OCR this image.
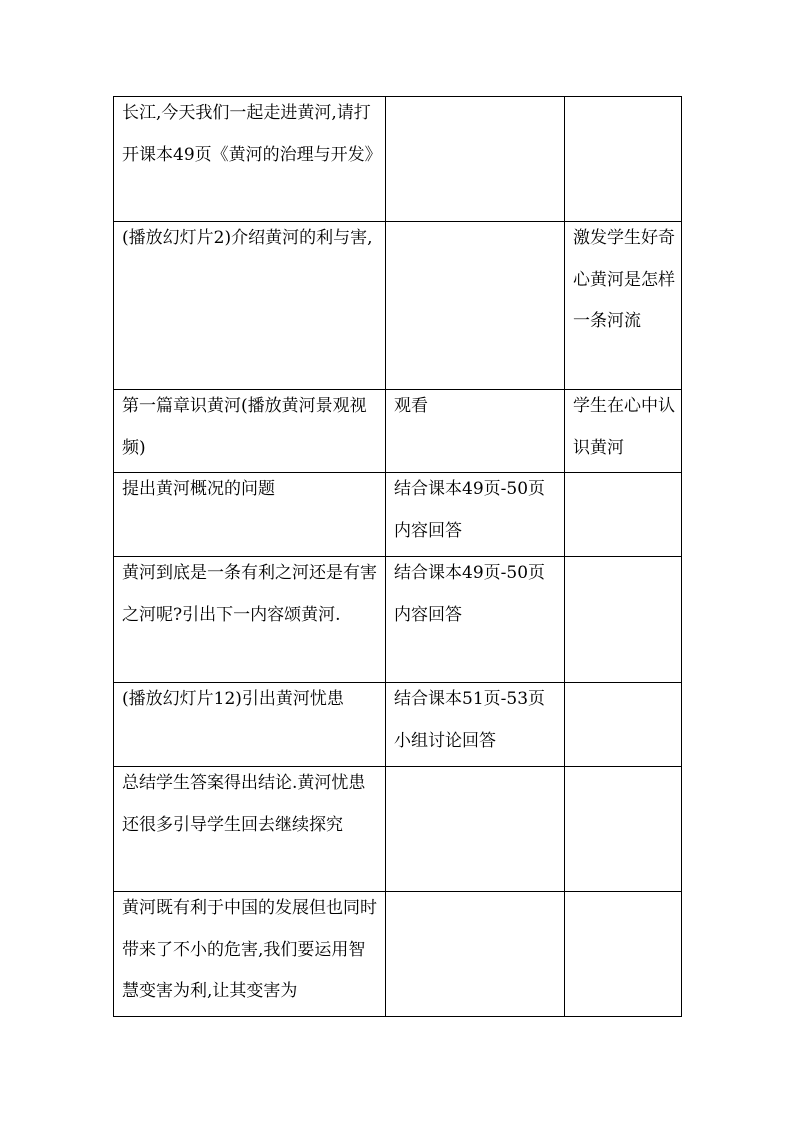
长江,今天我们一起走进黄河,请打开课本49页《黄河的治理与开发》		

(播放幻灯片2)介绍黄河的利与害,		激发学生好奇心黄河是怎样一条河流

第一篇章识黄河(播放黄河景观视频)	观看	学生在心中认识黄河

提出黄河概况的问题	结合课本49页-50页内容回答	

黄河到底是一条有利之河还是有害之河呢?引出下一内容颂黄河.	结合课本49页-50页内容回答	

(播放幻灯片12)引出黄河忧患	结合课本51页-53页小组讨论回答	

总结学生答案得出结论.黄河忧患还很多引导学生回去继续探究		

黄河既有利于中国的发展但也同时带来了不小的危害,我们要运用智慧变害为利,让其变害为		
